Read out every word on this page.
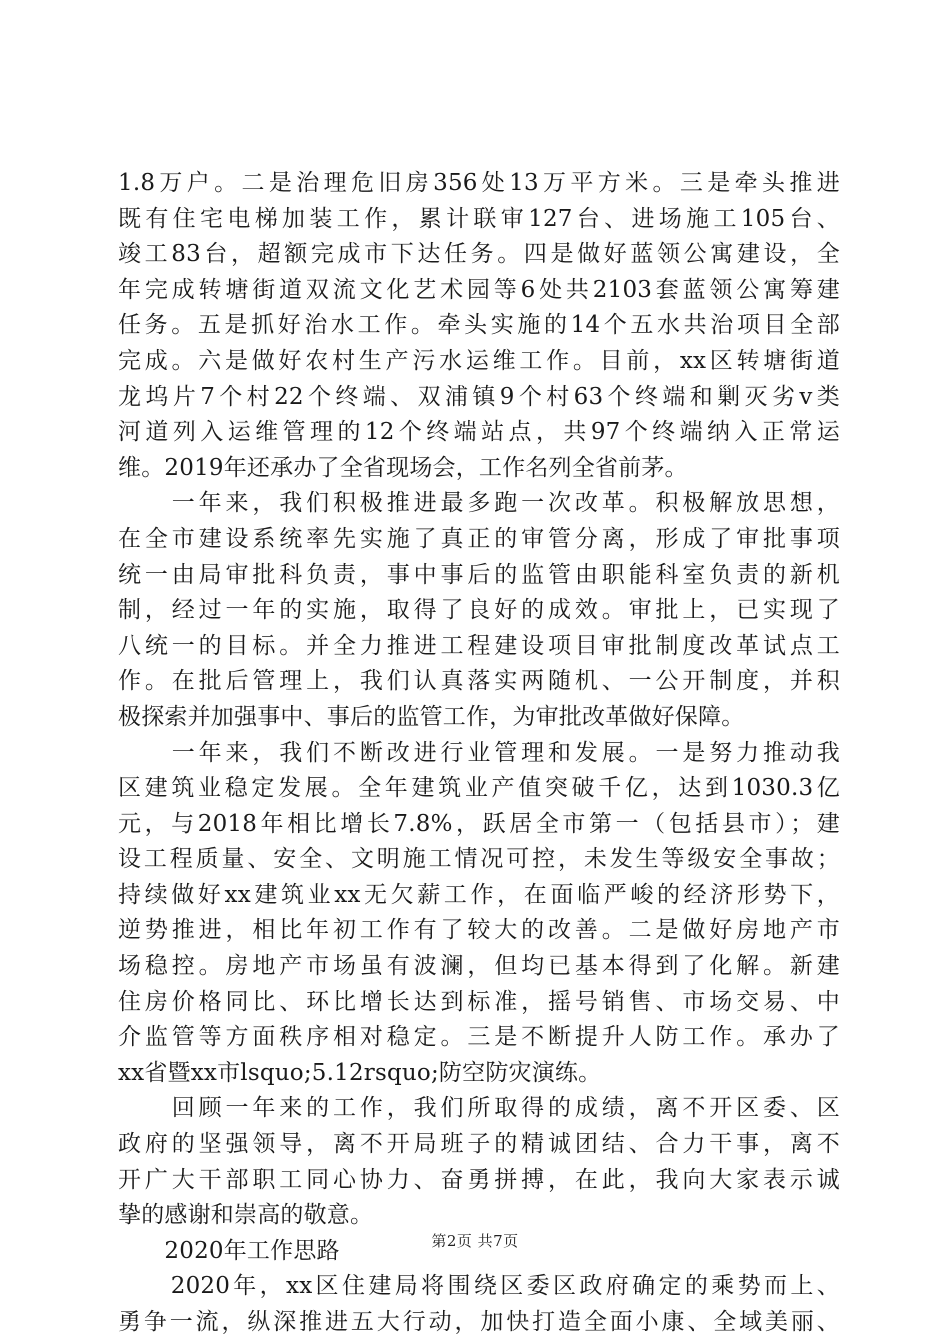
1.8万户。二是治理危旧房356处13万平方米。三是牵头推进
既有住宅电梯加装工作，累计联审127台、进场施工105台、
竣工83台，超额完成市下达任务。四是做好蓝领公寓建设，全
年完成转塘街道双流文化艺术园等6处共2103套蓝领公寓筹建
任务。五是抓好治水工作。牵头实施的14个五水共治项目全部
完成。六是做好农村生产污水运维工作。目前，xx区转塘街道
龙坞片7个村22个终端、双浦镇9个村63个终端和剿灭劣v类
河道列入运维管理的12个终端站点，共97个终端纳入正常运
维。2019年还承办了全省现场会，工作名列全省前茅。
　　一年来，我们积极推进最多跑一次改革。积极解放思想，
在全市建设系统率先实施了真正的审管分离，形成了审批事项
统一由局审批科负责，事中事后的监管由职能科室负责的新机
制，经过一年的实施，取得了良好的成效。审批上，已实现了
八统一的目标。并全力推进工程建设项目审批制度改革试点工
作。在批后管理上，我们认真落实两随机、一公开制度，并积
极探索并加强事中、事后的监管工作，为审批改革做好保障。
　　一年来，我们不断改进行业管理和发展。一是努力推动我
区建筑业稳定发展。全年建筑业产值突破千亿，达到1030.3亿
元，与2018年相比增长7.8%，跃居全市第一（包括县市）；建
设工程质量、安全、文明施工情况可控，未发生等级安全事故；
持续做好xx建筑业xx无欠薪工作，在面临严峻的经济形势下，
逆势推进，相比年初工作有了较大的改善。二是做好房地产市
场稳控。房地产市场虽有波澜，但均已基本得到了化解。新建
住房价格同比、环比增长达到标准，摇号销售、市场交易、中
介监管等方面秩序相对稳定。三是不断提升人防工作。承办了
xx省暨xx市lsquo;5.12rsquo;防空防灾演练。
　　回顾一年来的工作，我们所取得的成绩，离不开区委、区
政府的坚强领导，离不开局班子的精诚团结、合力干事，离不
开广大干部职工同心协力、奋勇拼搏，在此，我向大家表示诚
挚的感谢和崇高的敬意。
　　2020年工作思路
　　2020年，xx区住建局将围绕区委区政府确定的乘势而上、
勇争一流，纵深推进五大行动，加快打造全面小康、全域美丽、
第2页 共7页
